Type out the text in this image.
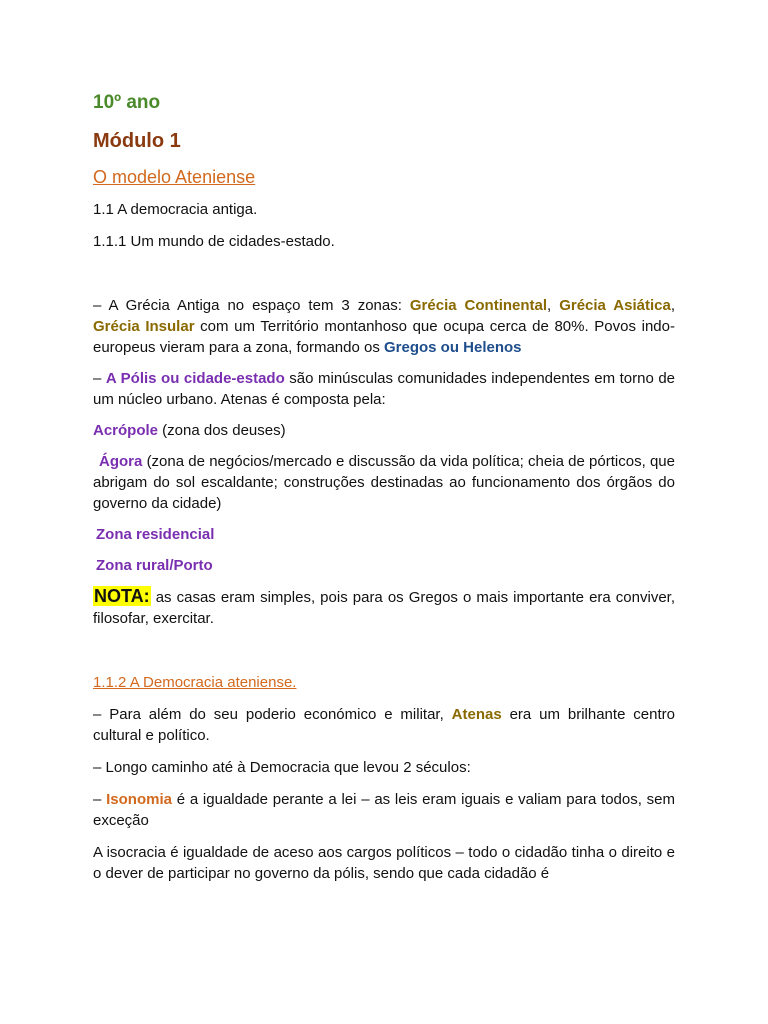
10º ano

Módulo 1

O modelo Ateniense

1.1 A democracia antiga.

1.1.1 Um mundo de cidades-estado.

– A Grécia Antiga no espaço tem 3 zonas: Grécia Continental, Grécia Asiática, Grécia Insular com um Território montanhoso que ocupa cerca de 80%. Povos indo-europeus vieram para a zona, formando os Gregos ou Helenos

– A Pólis ou cidade-estado são minúsculas comunidades independentes em torno de um núcleo urbano. Atenas é composta pela:

Acrópole (zona dos deuses)

Ágora (zona de negócios/mercado e discussão da vida política; cheia de pórticos, que abrigam do sol escaldante; construções destinadas ao funcionamento dos órgãos do governo da cidade)

Zona residencial

Zona rural/Porto

NOTA: as casas eram simples, pois para os Gregos o mais importante era conviver, filosofar, exercitar.

1.1.2 A Democracia ateniense.

– Para além do seu poderio económico e militar, Atenas era um brilhante centro cultural e político.

– Longo caminho até à Democracia que levou 2 séculos:

– Isonomia é a igualdade perante a lei – as leis eram iguais e valiam para todos, sem exceção

A isocracia é igualdade de aceso aos cargos políticos – todo o cidadão tinha o direito e o dever de participar no governo da pólis, sendo que cada cidadão é
